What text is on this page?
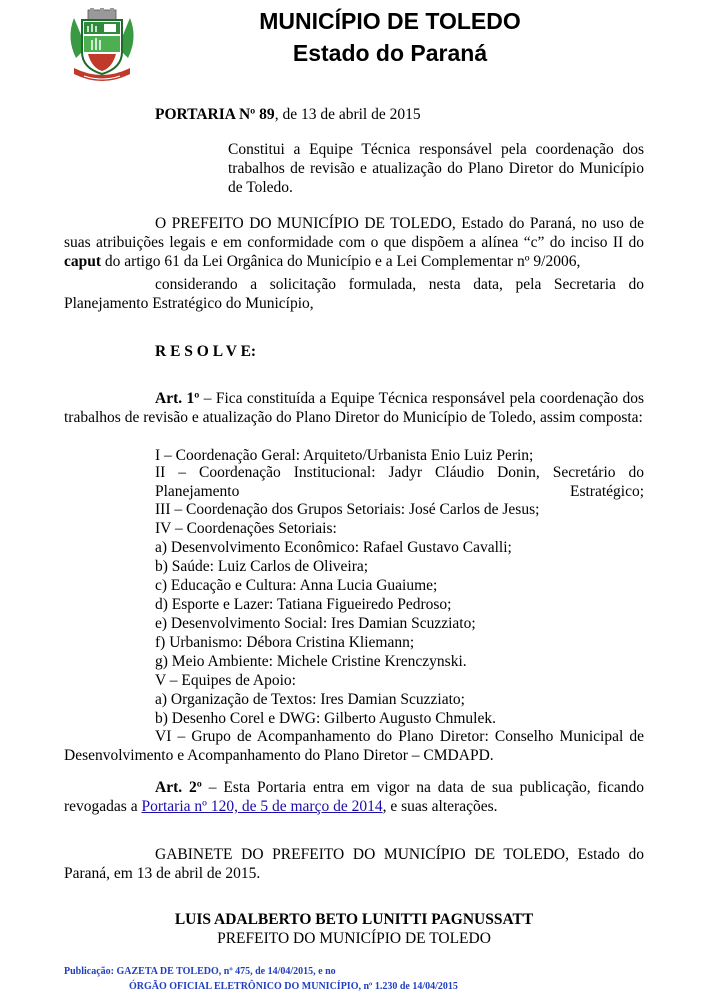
MUNICÍPIO DE TOLEDO
Estado do Paraná
PORTARIA Nº 89, de 13 de abril de 2015
Constitui a Equipe Técnica responsável pela coordenação dos trabalhos de revisão e atualização do Plano Diretor do Município de Toledo.
O PREFEITO DO MUNICÍPIO DE TOLEDO, Estado do Paraná, no uso de suas atribuições legais e em conformidade com o que dispõem a alínea “c” do inciso II do caput do artigo 61 da Lei Orgânica do Município e a Lei Complementar nº 9/2006,
considerando a solicitação formulada, nesta data, pela Secretaria do Planejamento Estratégico do Município,
R E S O L V E:
Art. 1º – Fica constituída a Equipe Técnica responsável pela coordenação dos trabalhos de revisão e atualização do Plano Diretor do Município de Toledo, assim composta:
I – Coordenação Geral: Arquiteto/Urbanista Enio Luiz Perin;
II – Coordenação Institucional: Jadyr Cláudio Donin, Secretário do Planejamento Estratégico;
III – Coordenação dos Grupos Setoriais: José Carlos de Jesus;
IV – Coordenações Setoriais:
a) Desenvolvimento Econômico: Rafael Gustavo Cavalli;
b) Saúde: Luiz Carlos de Oliveira;
c) Educação e Cultura: Anna Lucia Guaiume;
d) Esporte e Lazer: Tatiana Figueiredo Pedroso;
e) Desenvolvimento Social: Ires Damian Scuzziato;
f) Urbanismo: Débora Cristina Kliemann;
g) Meio Ambiente: Michele Cristine Krenczynski.
V – Equipes de Apoio:
a) Organização de Textos: Ires Damian Scuzziato;
b) Desenho Corel e DWG: Gilberto Augusto Chmulek.
VI – Grupo de Acompanhamento do Plano Diretor: Conselho Municipal de Desenvolvimento e Acompanhamento do Plano Diretor – CMDAPD.
Art. 2º – Esta Portaria entra em vigor na data de sua publicação, ficando revogadas a Portaria nº 120, de 5 de março de 2014, e suas alterações.
GABINETE DO PREFEITO DO MUNICÍPIO DE TOLEDO, Estado do Paraná, em 13 de abril de 2015.
LUIS ADALBERTO BETO LUNITTI PAGNUSSATT
PREFEITO DO MUNICÍPIO DE TOLEDO
Publicação: GAZETA DE TOLEDO, nº 475, de 14/04/2015, e no
ÓRGÃO OFICIAL ELETRÔNICO DO MUNICÍPIO, nº 1.230 de 14/04/2015
